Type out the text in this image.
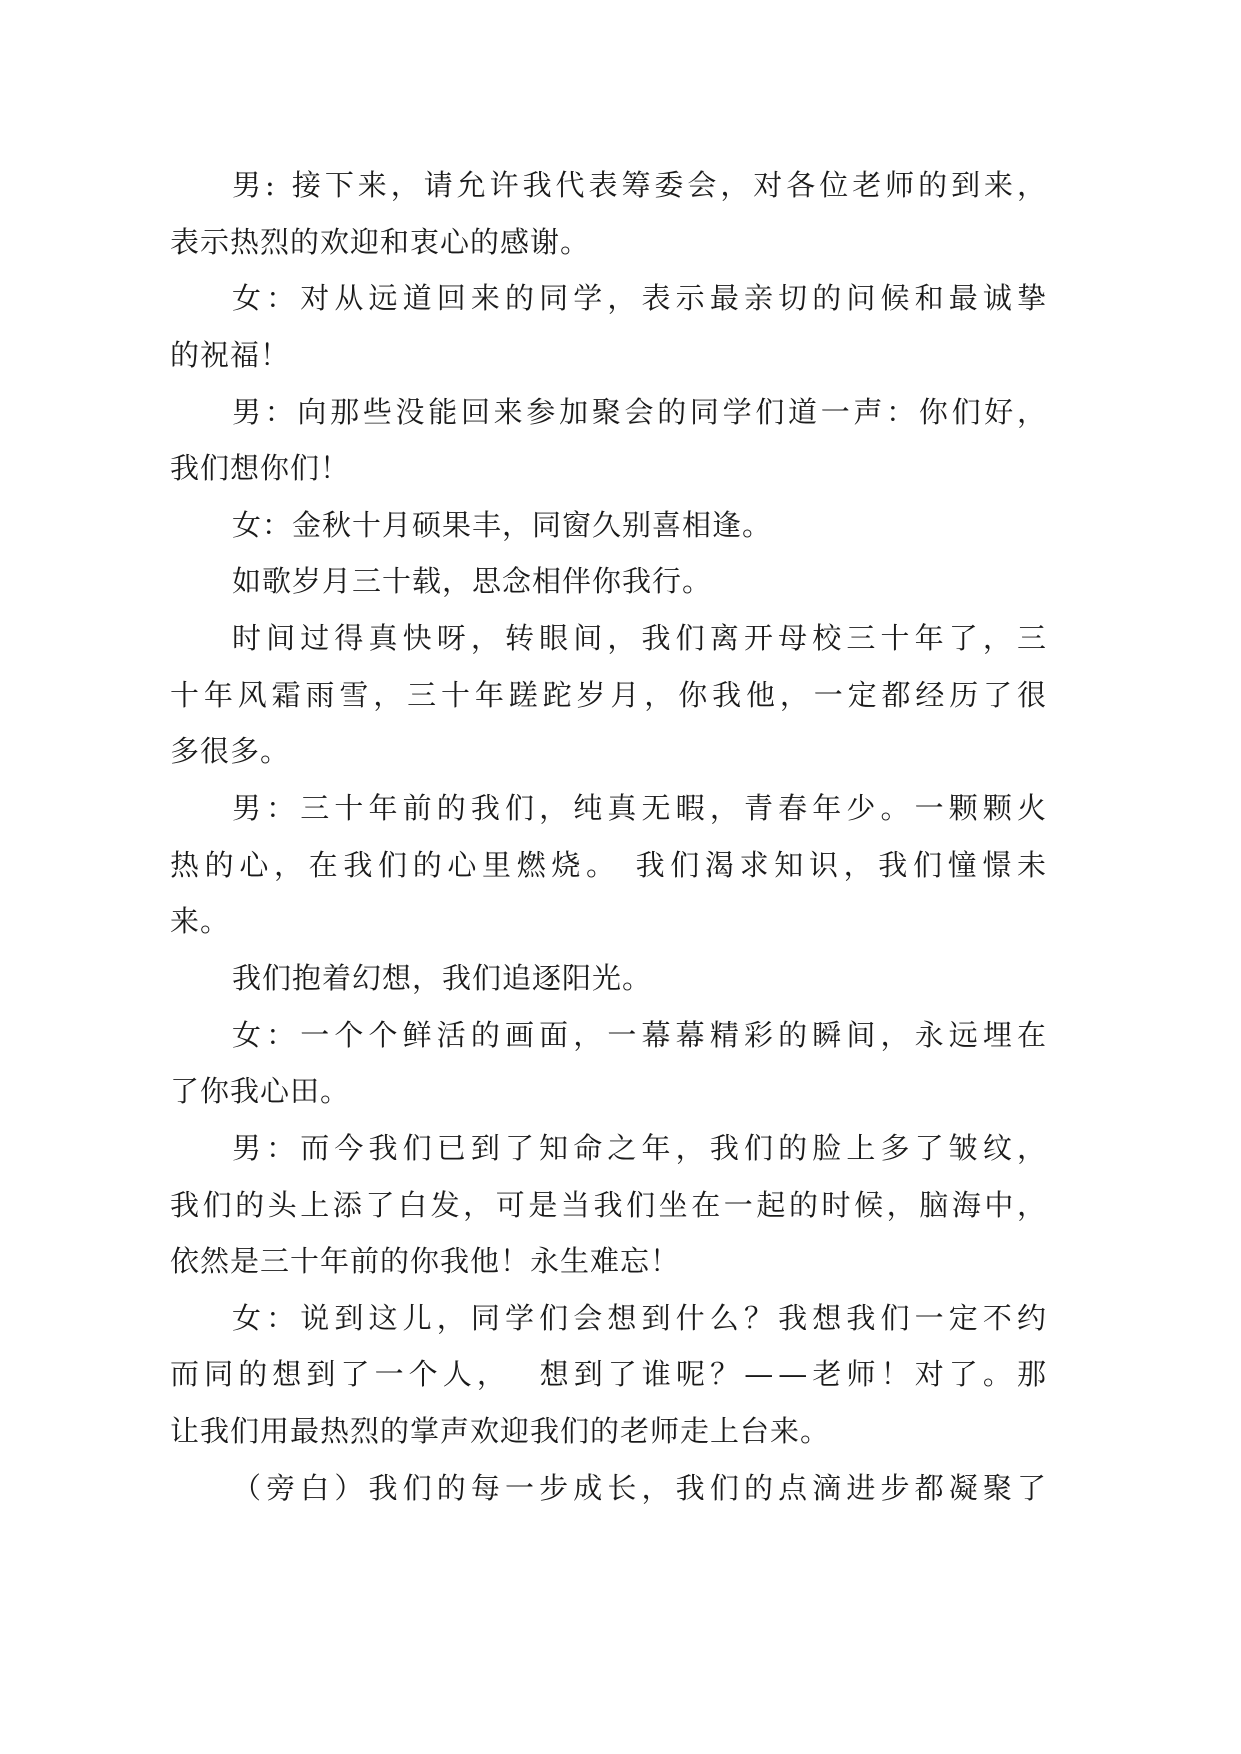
男: 接下来，请允许我代表筹委会，对各位老师的到来，
表示热烈的欢迎和衷心的感谢。
女：对从远道回来的同学，表示最亲切的问候和最诚挚
的祝福！
男：向那些没能回来参加聚会的同学们道一声：你们好，
我们想你们！
女：金秋十月硕果丰，同窗久别喜相逢。
如歌岁月三十载，思念相伴你我行。
时间过得真快呀，转眼间，我们离开母校三十年了，三
十年风霜雨雪，三十年蹉跎岁月，你我他，一定都经历了很
多很多。
男：三十年前的我们，纯真无暇，青春年少。一颗颗火
热的心，在我们的心里燃烧。 我们渴求知识，我们憧憬未
来。
我们抱着幻想，我们追逐阳光。
女：一个个鲜活的画面，一幕幕精彩的瞬间，永远埋在
了你我心田。
男：而今我们已到了知命之年，我们的脸上多了皱纹，
我们的头上添了白发，可是当我们坐在一起的时候，脑海中，
依然是三十年前的你我他！永生难忘！
女：说到这儿，同学们会想到什么？我想我们一定不约
而同的想到了一个人，  想到了谁呢？——老师！对了。那
让我们用最热烈的掌声欢迎我们的老师走上台来。
（旁白）我们的每一步成长，我们的点滴进步都凝聚了
